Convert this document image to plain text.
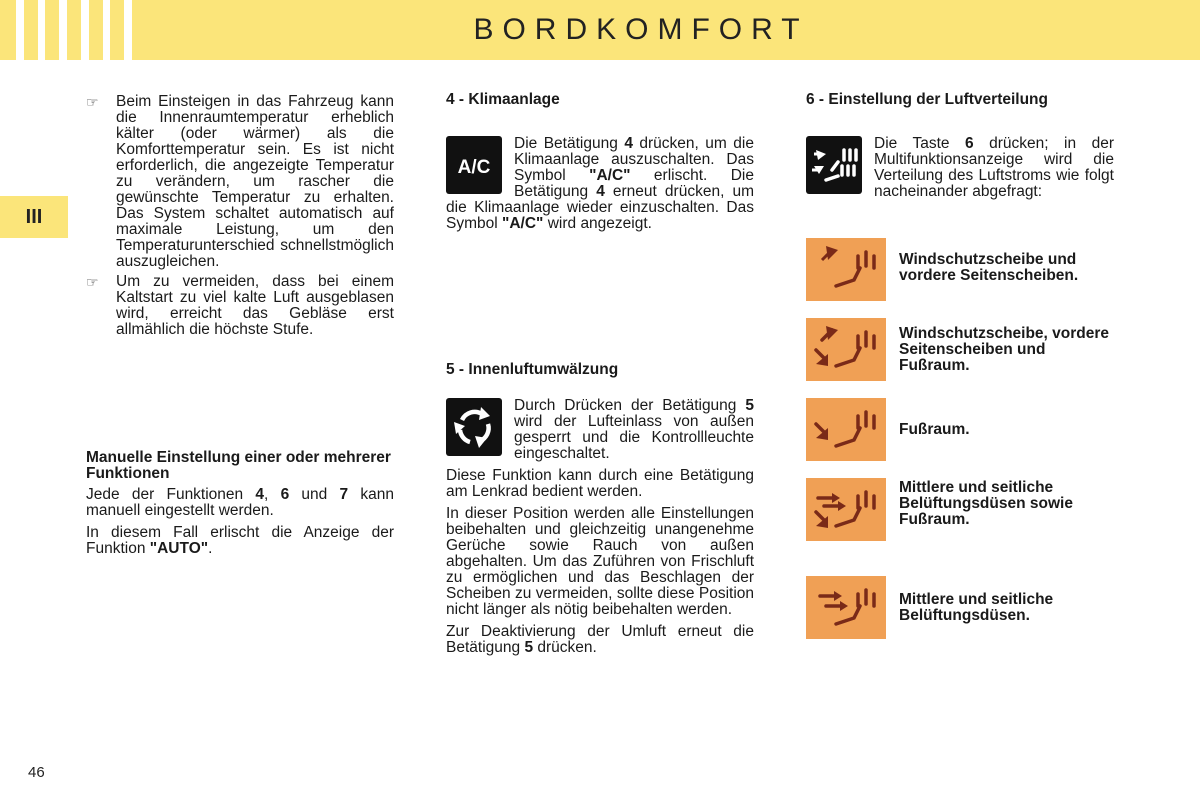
BORDKOMFORT
III
☞ Beim Einsteigen in das Fahrzeug kann die Innenraumtemperatur erheblich kälter (oder wärmer) als die Komforttemperatur sein. Es ist nicht erforderlich, die angezeigte Temperatur zu verändern, um rascher die gewünschte Temperatur zu erhalten. Das System schaltet automatisch auf maximale Leistung, um den Temperaturunterschied schnellstmöglich auszugleichen.
☞ Um zu vermeiden, dass bei einem Kaltstart zu viel kalte Luft ausgeblasen wird, erreicht das Gebläse erst allmählich die höchste Stufe.
Manuelle Einstellung einer oder mehrerer Funktionen

Jede der Funktionen 4, 6 und 7 kann manuell eingestellt werden.

In diesem Fall erlischt die Anzeige der Funktion "AUTO".

4 - Klimaanlage
A/C

Die Betätigung 4 drücken, um die Klimaanlage auszuschalten. Das Symbol "A/C" erlischt. Die Betätigung 4 erneut drücken, um die Klimaanlage wieder einzuschalten. Das Symbol "A/C" wird angezeigt.

5 - Innenluftumwälzung

Durch Drücken der Betätigung 5 wird der Lufteinlass von außen gesperrt und die Kontrollleuchte eingeschaltet.

Diese Funktion kann durch eine Betätigung am Lenkrad bedient werden.

In dieser Position werden alle Einstellungen beibehalten und gleichzeitig unangenehme Gerüche sowie Rauch von außen abgehalten. Um das Zuführen von Frischluft zu ermöglichen und das Beschlagen der Scheiben zu vermeiden, sollte diese Position nicht länger als nötig beibehalten werden.

Zur Deaktivierung der Umluft erneut die Betätigung 5 drücken.

6 - Einstellung der Luftverteilung

Die Taste 6 drücken; in der Multifunktionsanzeige wird die Verteilung des Luftstroms wie folgt nacheinander abgefragt:

Windschutzscheibe und vordere Seitenscheiben.
Windschutzscheibe, vordere Seitenscheiben und Fußraum.
Fußraum.
Mittlere und seitliche Belüftungsdüsen sowie Fußraum.
Mittlere und seitliche Belüftungsdüsen.
46
